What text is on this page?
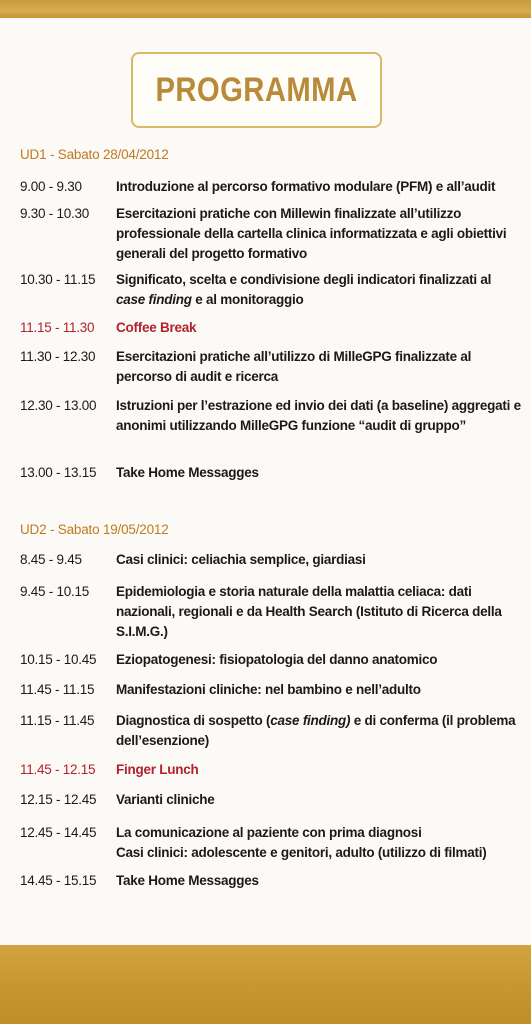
PROGRAMMA
UD1 - Sabato 28/04/2012
9.00 - 9.30	Introduzione al percorso formativo modulare (PFM) e all’audit
9.30 - 10.30	Esercitazioni pratiche con Millewin finalizzate all’utilizzo professionale della cartella clinica informatizzata e agli obiettivi generali del progetto formativo
10.30 - 11.15	Significato, scelta e condivisione degli indicatori finalizzati al case finding e al monitoraggio
11.15 - 11.30	Coffee Break
11.30 - 12.30	Esercitazioni pratiche all’utilizzo di MilleGPG finalizzate al percorso di audit e ricerca
12.30 - 13.00	Istruzioni per l’estrazione ed invio dei dati (a baseline) aggregati e anonimi utilizzando MilleGPG funzione “audit di gruppo”
13.00 - 13.15	Take Home Messagges
UD2 - Sabato 19/05/2012
8.45 - 9.45	Casi clinici: celiachia semplice, giardiasi
9.45 - 10.15	Epidemiologia e storia naturale della malattia celiaca: dati nazionali, regionali e da Health Search (Istituto di Ricerca della S.I.M.G.)
10.15 - 10.45	Eziopatogenesi: fisiopatologia del danno anatomico
11.45 - 11.15	Manifestazioni cliniche: nel bambino e nell’adulto
11.15 - 11.45	Diagnostica di sospetto (case finding) e di conferma (il problema dell’esenzione)
11.45 - 12.15	Finger Lunch
12.15 - 12.45	Varianti cliniche
12.45 - 14.45	La comunicazione al paziente con prima diagnosi
Casi clinici: adolescente e genitori, adulto (utilizzo di filmati)
14.45 - 15.15	Take Home Messagges
